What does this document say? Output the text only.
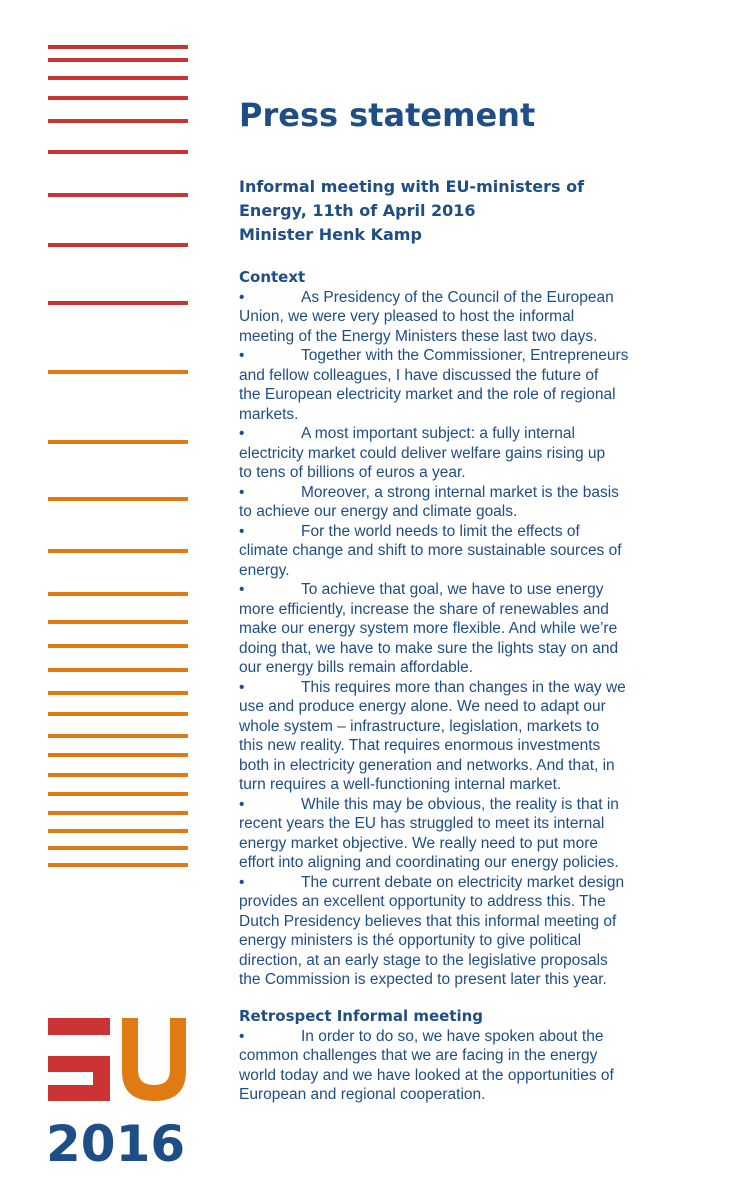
Press statement
Informal meeting with EU-ministers of
Energy, 11th of April 2016
Minister Henk Kamp
Context
•	As Presidency of the Council of the European
Union, we were very pleased to host the informal
meeting of the Energy Ministers these last two days.
•	Together with the Commissioner, Entrepreneurs
and fellow colleagues, I have discussed the future of
the European electricity market and the role of regional
markets.
•	A most important subject: a fully internal
electricity market could deliver welfare gains rising up
to tens of billions of euros a year.
•	Moreover, a strong internal market is the basis
to achieve our energy and climate goals.
•	For the world needs to limit the effects of
climate change and shift to more sustainable sources of
energy.
•	To achieve that goal, we have to use energy
more efficiently, increase the share of renewables and
make our energy system more flexible. And while we’re
doing that, we have to make sure the lights stay on and
our energy bills remain affordable.
•	This requires more than changes in the way we
use and produce energy alone. We need to adapt our
whole system – infrastructure, legislation, markets to
this new reality. That requires enormous investments
both in electricity generation and networks. And that, in
turn requires a well-functioning internal market.
•	While this may be obvious, the reality is that in
recent years the EU has struggled to meet its internal
energy market objective. We really need to put more
effort into aligning and coordinating our energy policies.
•	The current debate on electricity market design
provides an excellent opportunity to address this. The
Dutch Presidency believes that this informal meeting of
energy ministers is thé opportunity to give political
direction, at an early stage to the legislative proposals
the Commission is expected to present later this year.
Retrospect Informal meeting
•	In order to do so, we have spoken about the
common challenges that we are facing in the energy
world today and we have looked at the opportunities of
European and regional cooperation.
2016
